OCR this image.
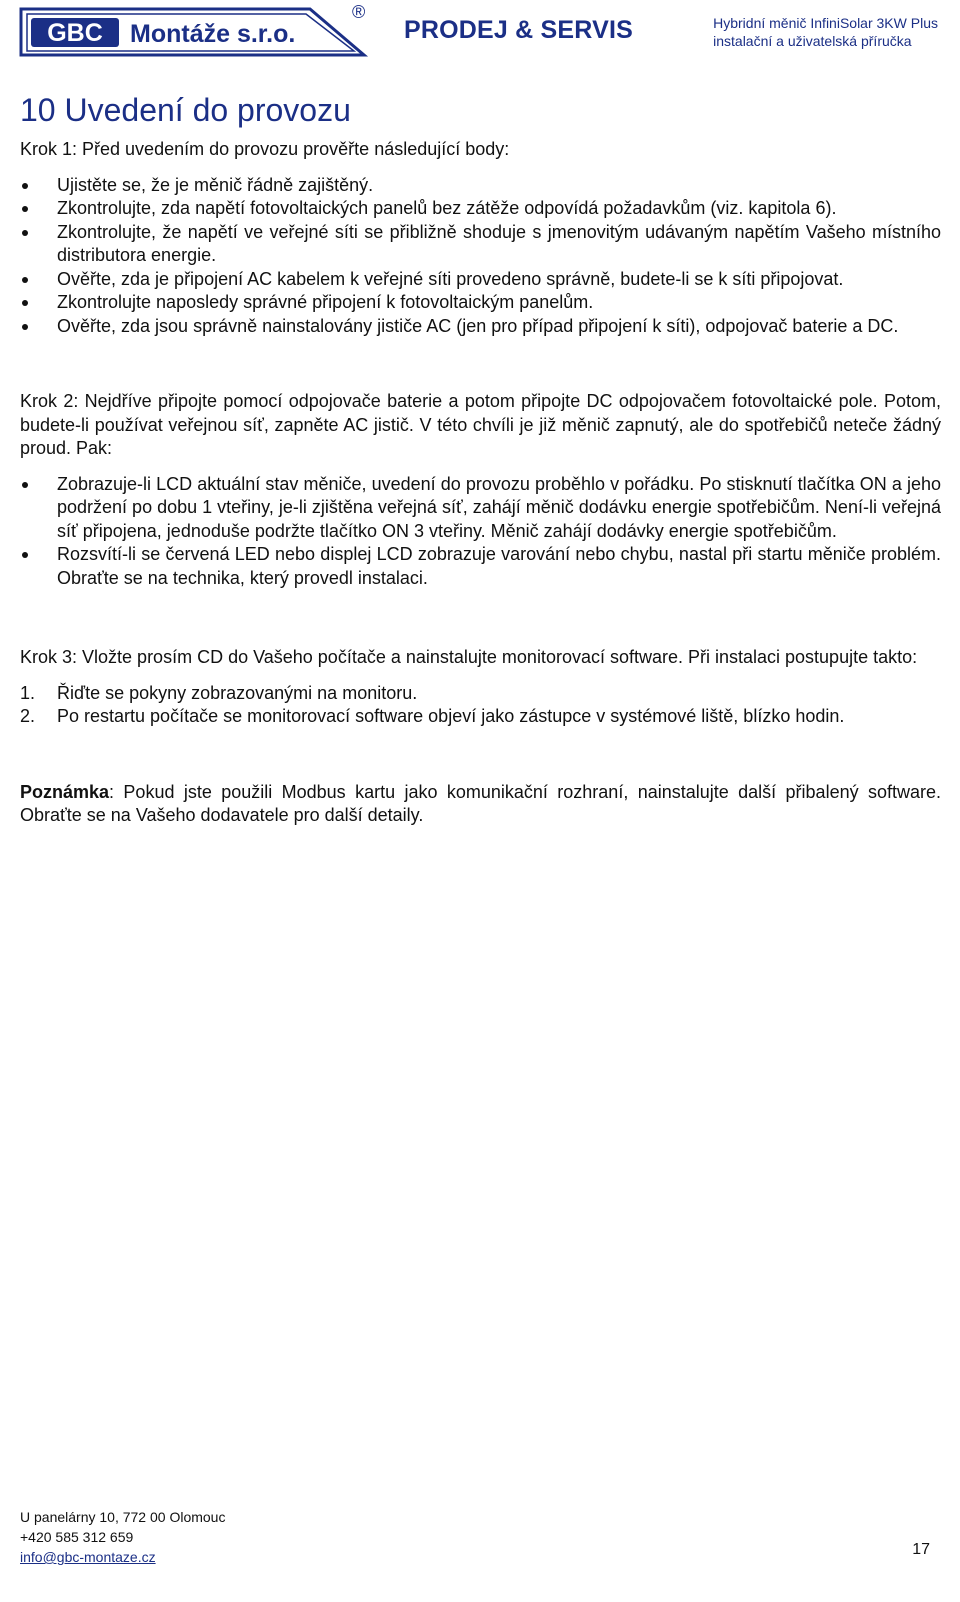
GBC Montáže s.r.o.
®
PRODEJ & SERVIS	Hybridní měnič InfiniSolar 3KW Plus
instalační a uživatelská příručka
10 Uvedení do provozu

Krok 1: Před uvedením do provozu prověřte následující body:

Ujistěte se, že je měnič řádně zajištěný.
Zkontrolujte, zda napětí fotovoltaických panelů bez zátěže odpovídá požadavkům (viz. kapitola 6).
Zkontrolujte, že napětí ve veřejné síti se přibližně shoduje s jmenovitým udávaným napětím Vašeho místního distributora energie.
Ověřte, zda je připojení AC kabelem k veřejné síti provedeno správně, budete-li se k síti připojovat.
Zkontrolujte naposledy správné připojení k fotovoltaickým panelům.
Ověřte, zda jsou správně nainstalovány jističe AC (jen pro případ připojení k síti), odpojovač baterie a DC.

Krok 2: Nejdříve připojte pomocí odpojovače baterie a potom připojte DC odpojovačem fotovoltaické pole. Potom, budete-li používat veřejnou síť, zapněte AC jistič. V této chvíli je již měnič zapnutý, ale do spotřebičů neteče žádný proud. Pak:

Zobrazuje-li LCD aktuální stav měniče, uvedení do provozu proběhlo v pořádku. Po stisknutí tlačítka ON a jeho podržení po dobu 1 vteřiny, je-li zjištěna veřejná síť, zahájí měnič dodávku energie spotřebičům. Není-li veřejná síť připojena, jednoduše podržte tlačítko ON 3 vteřiny. Měnič zahájí dodávky energie spotřebičům.
Rozsvítí-li se červená LED nebo displej LCD zobrazuje varování nebo chybu, nastal při startu měniče problém. Obraťte se na technika, který provedl instalaci.

Krok 3: Vložte prosím CD do Vašeho počítače a nainstalujte monitorovací software. Při instalaci postupujte takto:

1. Řiďte se pokyny zobrazovanými na monitoru.
2. Po restartu počítače se monitorovací software objeví jako zástupce v systémové liště, blízko hodin.

Poznámka: Pokud jste použili Modbus kartu jako komunikační rozhraní, nainstalujte další přibalený software. Obraťte se na Vašeho dodavatele pro další detaily.

U panelárny 10, 772 00 Olomouc
+420 585 312 659
info@gbc-montaze.cz	17
